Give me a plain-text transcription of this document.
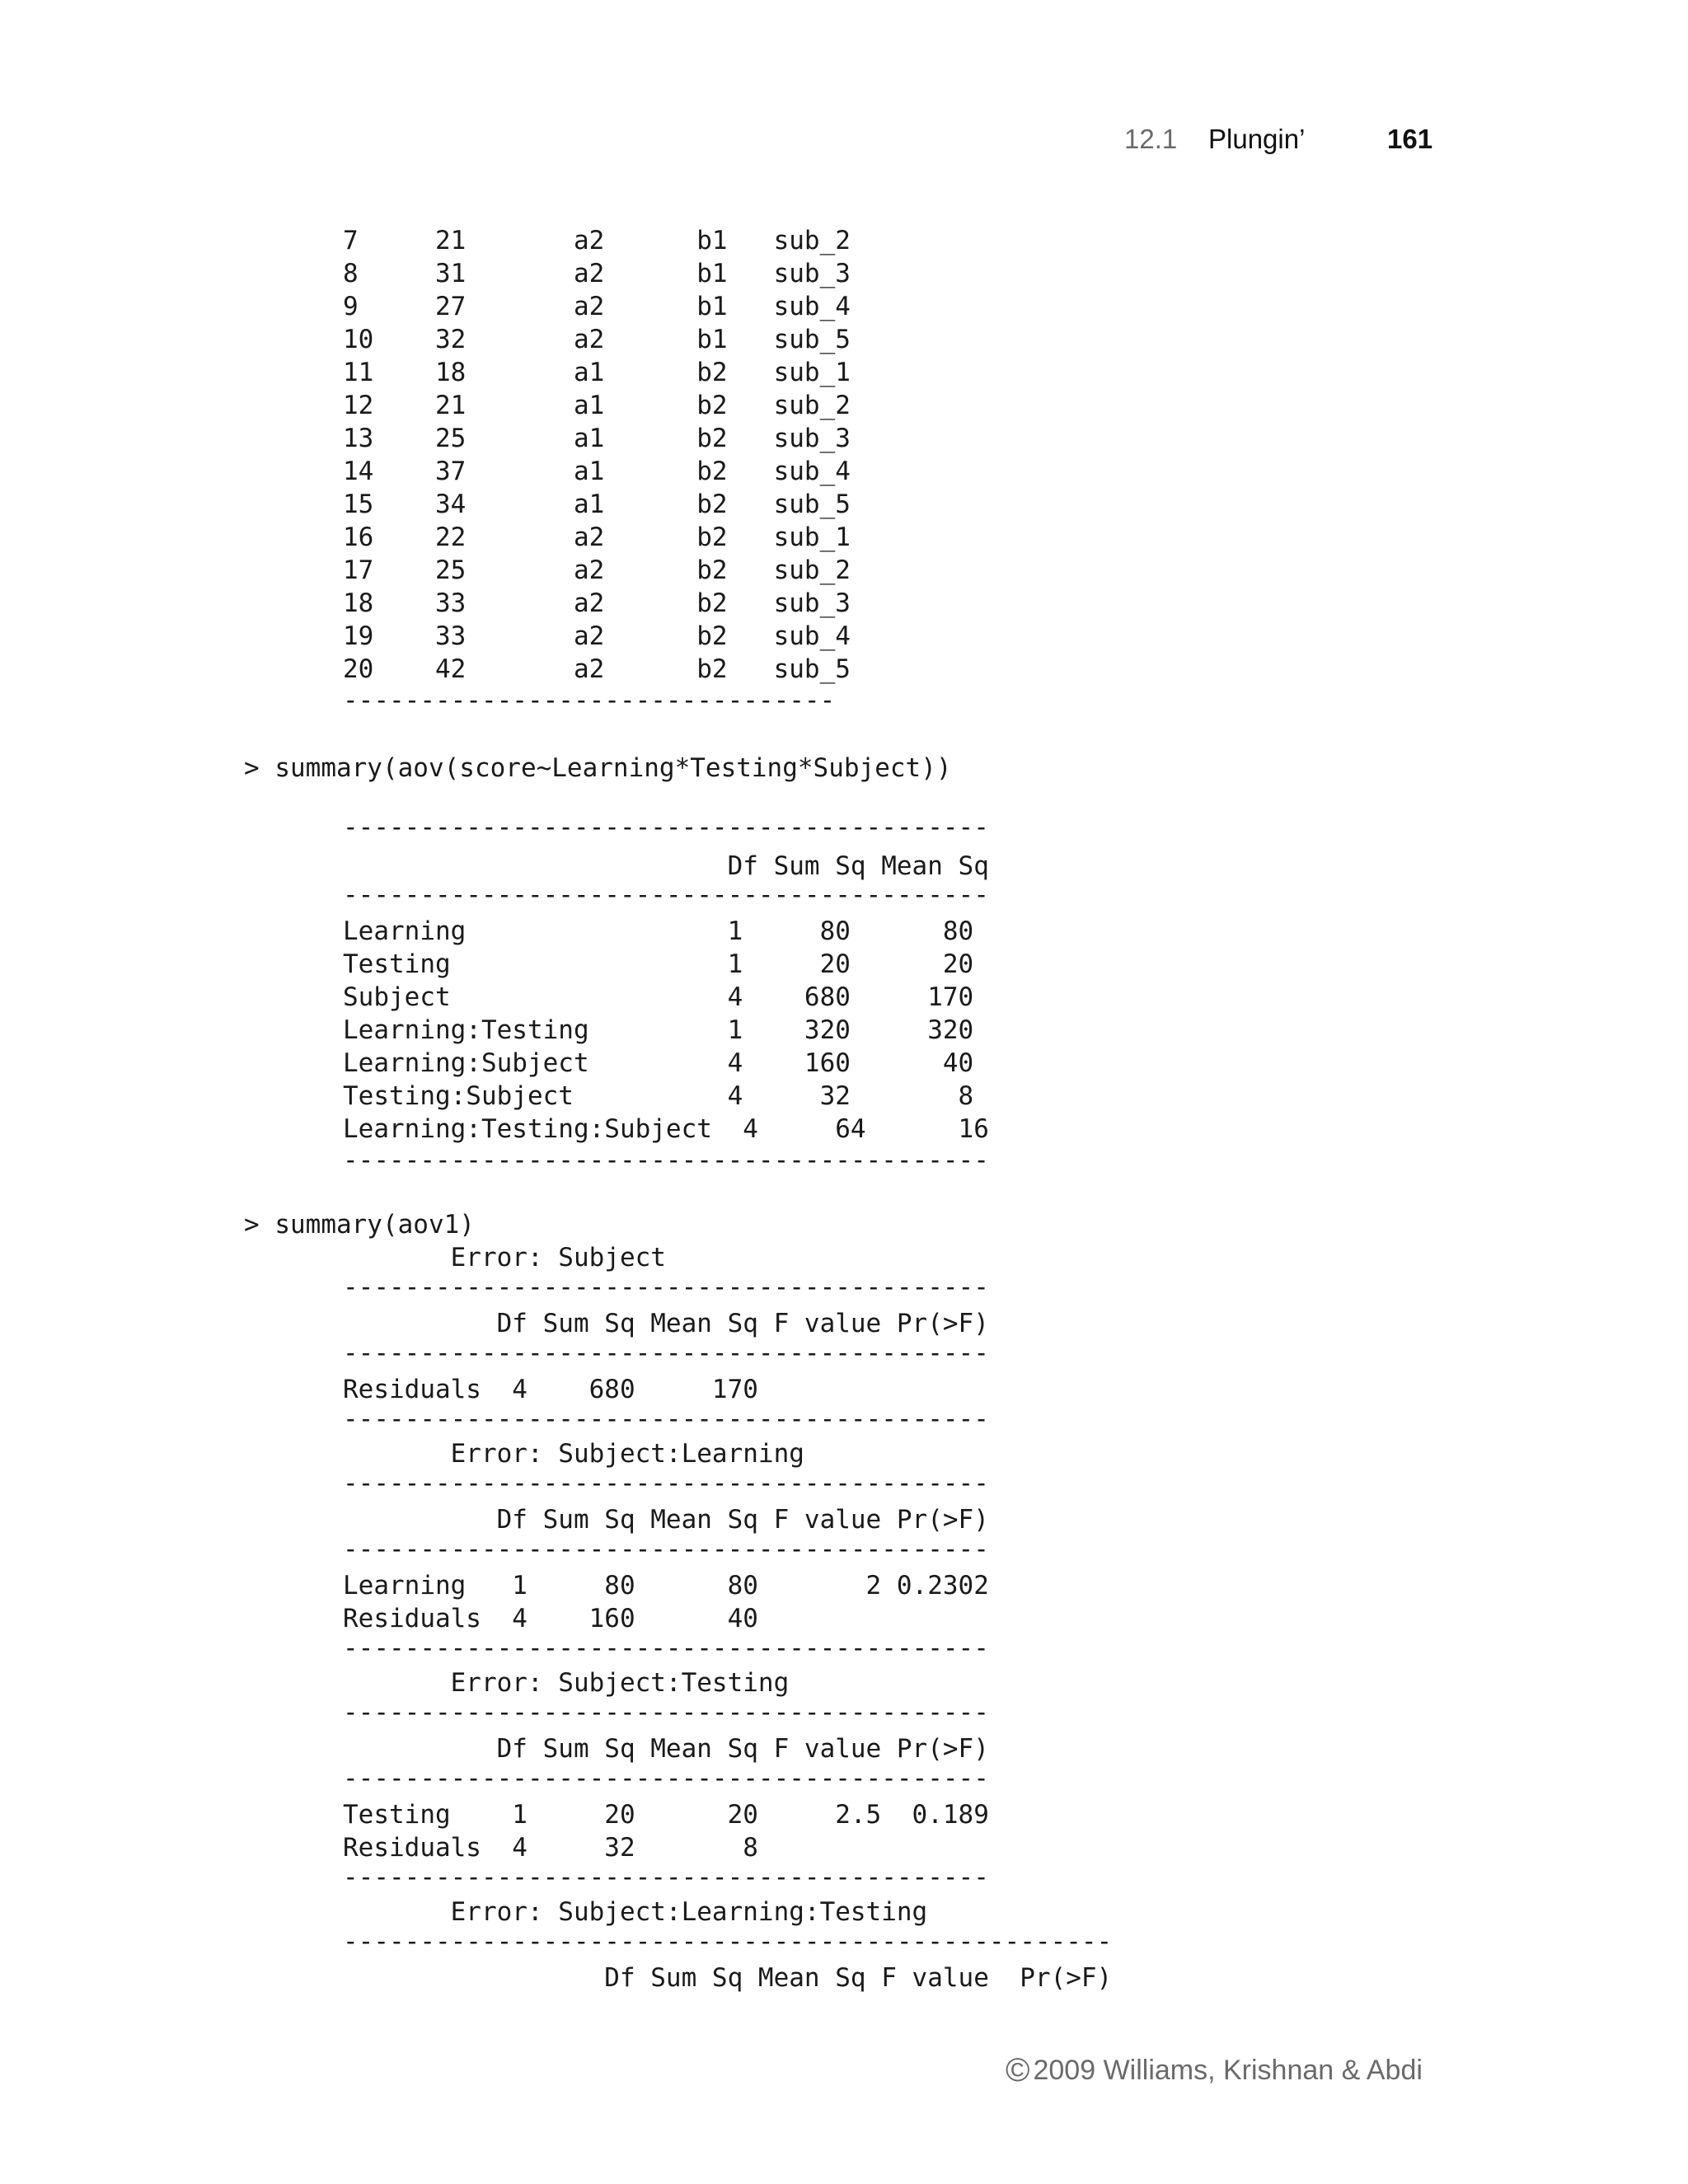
12.1 Plungin’	161
7     21       a2      b1   sub_2
8     31       a2      b1   sub_3
9     27       a2      b1   sub_4
10    32       a2      b1   sub_5
11    18       a1      b2   sub_1
12    21       a1      b2   sub_2
13    25       a1      b2   sub_3
14    37       a1      b2   sub_4
15    34       a1      b2   sub_5
16    22       a2      b2   sub_1
17    25       a2      b2   sub_2
18    33       a2      b2   sub_3
19    33       a2      b2   sub_4
20    42       a2      b2   sub_5
--------------------------------
> summary(aov(score~Learning*Testing*Subject))
------------------------------------------
Df Sum Sq Mean Sq
------------------------------------------
Learning                 1     80      80
Testing                  1     20      20
Subject                  4    680     170
Learning:Testing         1    320     320
Learning:Subject         4    160      40
Testing:Subject          4     32       8
Learning:Testing:Subject  4     64      16
------------------------------------------
> summary(aov1)
Error: Subject
------------------------------------------
Df Sum Sq Mean Sq F value Pr(>F)
------------------------------------------
Residuals  4    680     170
------------------------------------------
Error: Subject:Learning
------------------------------------------
Df Sum Sq Mean Sq F value Pr(>F)
------------------------------------------
Learning   1     80      80       2 0.2302
Residuals  4    160      40
------------------------------------------
Error: Subject:Testing
------------------------------------------
Df Sum Sq Mean Sq F value Pr(>F)
------------------------------------------
Testing    1     20      20     2.5  0.189
Residuals  4     32       8
------------------------------------------
Error: Subject:Learning:Testing
--------------------------------------------------
Df Sum Sq Mean Sq F value  Pr(>F)
© 2009 Williams, Krishnan & Abdi
